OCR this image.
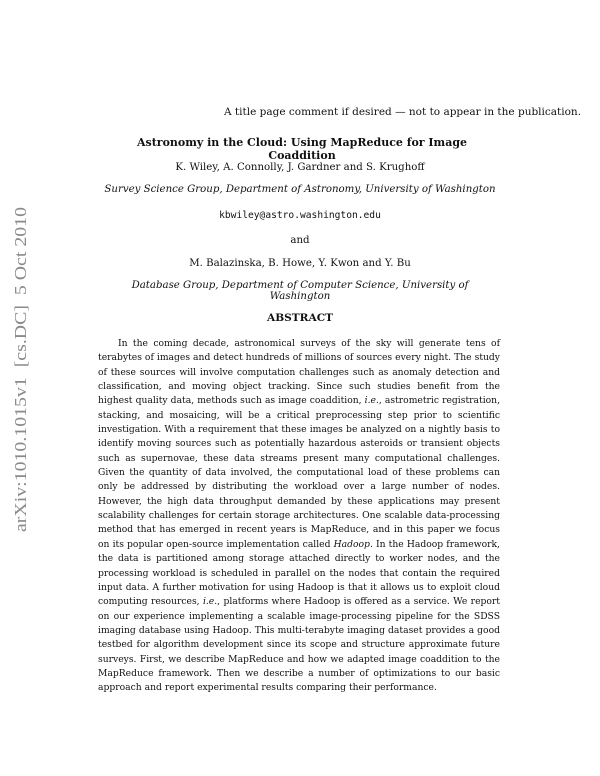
arXiv:1010.1015v1  [cs.DC]  5 Oct 2010
A title page comment if desired — not to appear in the publication.
Astronomy in the Cloud: Using MapReduce for Image Coaddition
K. Wiley, A. Connolly, J. Gardner and S. Krughoff
Survey Science Group, Department of Astronomy, University of Washington
kbwiley@astro.washington.edu
and
M. Balazinska, B. Howe, Y. Kwon and Y. Bu
Database Group, Department of Computer Science, University of Washington
ABSTRACT

In the coming decade, astronomical surveys of the sky will generate tens of terabytes of images and detect hundreds of millions of sources every night. The study of these sources will involve computation challenges such as anomaly detection and classification, and moving object tracking. Since such studies benefit from the highest quality data, methods such as image coaddition, i.e., astrometric registration, stacking, and mosaicing, will be a critical preprocessing step prior to scientific investigation. With a requirement that these images be analyzed on a nightly basis to identify moving sources such as potentially hazardous asteroids or transient objects such as supernovae, these data streams present many computational challenges. Given the quantity of data involved, the computational load of these problems can only be addressed by distributing the workload over a large number of nodes. However, the high data throughput demanded by these applications may present scalability challenges for certain storage architectures. One scalable data-processing method that has emerged in recent years is MapReduce, and in this paper we focus on its popular open-source implementation called Hadoop. In the Hadoop framework, the data is partitioned among storage attached directly to worker nodes, and the processing workload is scheduled in parallel on the nodes that contain the required input data. A further motivation for using Hadoop is that it allows us to exploit cloud computing resources, i.e., platforms where Hadoop is offered as a service. We report on our experience implementing a scalable image-processing pipeline for the SDSS imaging database using Hadoop. This multi-terabyte imaging dataset provides a good testbed for algorithm development since its scope and structure approximate future surveys. First, we describe MapReduce and how we adapted image coaddition to the MapReduce framework. Then we describe a number of optimizations to our basic approach and report experimental results comparing their performance.
